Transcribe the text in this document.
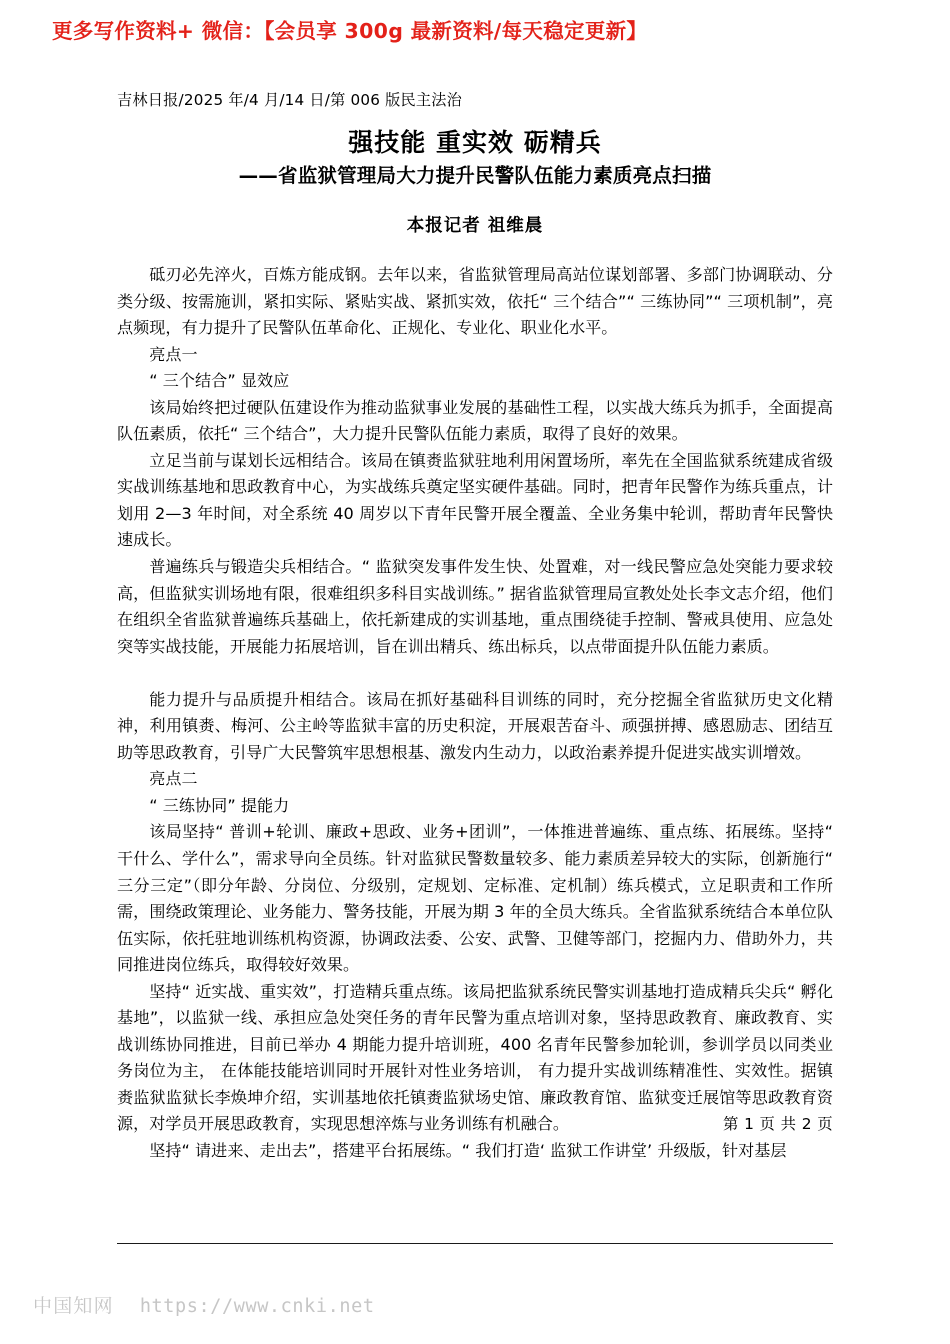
更多写作资料+ 微信：【会员享 300g 最新资料/每天稳定更新】
吉林日报/2025 年/4 月/14 日/第 006 版民主法治
强技能 重实效 砺精兵
——省监狱管理局大力提升民警队伍能力素质亮点扫描
本报记者 祖维晨

砥刃必先淬火，百炼方能成钢。去年以来，省监狱管理局高站位谋划部署、多部门协调联动、分类分级、按需施训，紧扣实际、紧贴实战、紧抓实效，依托“ 三个结合”“ 三练协同”“ 三项机制”，亮点频现，有力提升了民警队伍革命化、正规化、专业化、职业化水平。

亮点一

“ 三个结合” 显效应

该局始终把过硬队伍建设作为推动监狱事业发展的基础性工程，以实战大练兵为抓手，全面提高队伍素质，依托“ 三个结合”，大力提升民警队伍能力素质，取得了良好的效果。

立足当前与谋划长远相结合。该局在镇赉监狱驻地利用闲置场所，率先在全国监狱系统建成省级实战训练基地和思政教育中心，为实战练兵奠定坚实硬件基础。同时，把青年民警作为练兵重点，计划用 2—3 年时间，对全系统 40 周岁以下青年民警开展全覆盖、全业务集中轮训，帮助青年民警快速成长。

普遍练兵与锻造尖兵相结合。“ 监狱突发事件发生快、处置难，对一线民警应急处突能力要求较高，但监狱实训场地有限，很难组织多科目实战训练。” 据省监狱管理局宣教处处长李文志介绍，他们在组织全省监狱普遍练兵基础上，依托新建成的实训基地，重点围绕徒手控制、警戒具使用、应急处突等实战技能，开展能力拓展培训，旨在训出精兵、练出标兵，以点带面提升队伍能力素质。

能力提升与品质提升相结合。该局在抓好基础科目训练的同时，充分挖掘全省监狱历史文化精神，利用镇赉、梅河、公主岭等监狱丰富的历史积淀，开展艰苦奋斗、顽强拼搏、感恩励志、团结互助等思政教育，引导广大民警筑牢思想根基、激发内生动力，以政治素养提升促进实战实训增效。

亮点二

“ 三练协同” 提能力

该局坚持“ 普训+轮训、廉政+思政、业务+团训”，一体推进普遍练、重点练、拓展练。坚持“ 干什么、学什么”，需求导向全员练。针对监狱民警数量较多、能力素质差异较大的实际，创新施行“ 三分三定”（即分年龄、分岗位、分级别，定规划、定标准、定机制）练兵模式，立足职责和工作所需，围绕政策理论、业务能力、警务技能，开展为期 3 年的全员大练兵。全省监狱系统结合本单位队伍实际，依托驻地训练机构资源，协调政法委、公安、武警、卫健等部门，挖掘内力、借助外力，共同推进岗位练兵，取得较好效果。

坚持“ 近实战、重实效”，打造精兵重点练。该局把监狱系统民警实训基地打造成精兵尖兵“ 孵化基地”，以监狱一线、承担应急处突任务的青年民警为重点培训对象，坚持思政教育、廉政教育、实战训练协同推进，目前已举办 4 期能力提升培训班，400 名青年民警参加轮训，参训学员以同类业务岗位为主， 在体能技能培训同时开展针对性业务培训， 有力提升实战训练精准性、实效性。据镇赉监狱监狱长李焕坤介绍，实训基地依托镇赉监狱场史馆、廉政教育馆、监狱变迁展馆等思政教育资源，对学员开展思政教育，实现思想淬炼与业务训练有机融合。

坚持“ 请进来、走出去”，搭建平台拓展练。“ 我们打造‘ 监狱工作讲堂’ 升级版，针对基层

第 1 页 共 2 页
中国知网 https://www.cnki.net
